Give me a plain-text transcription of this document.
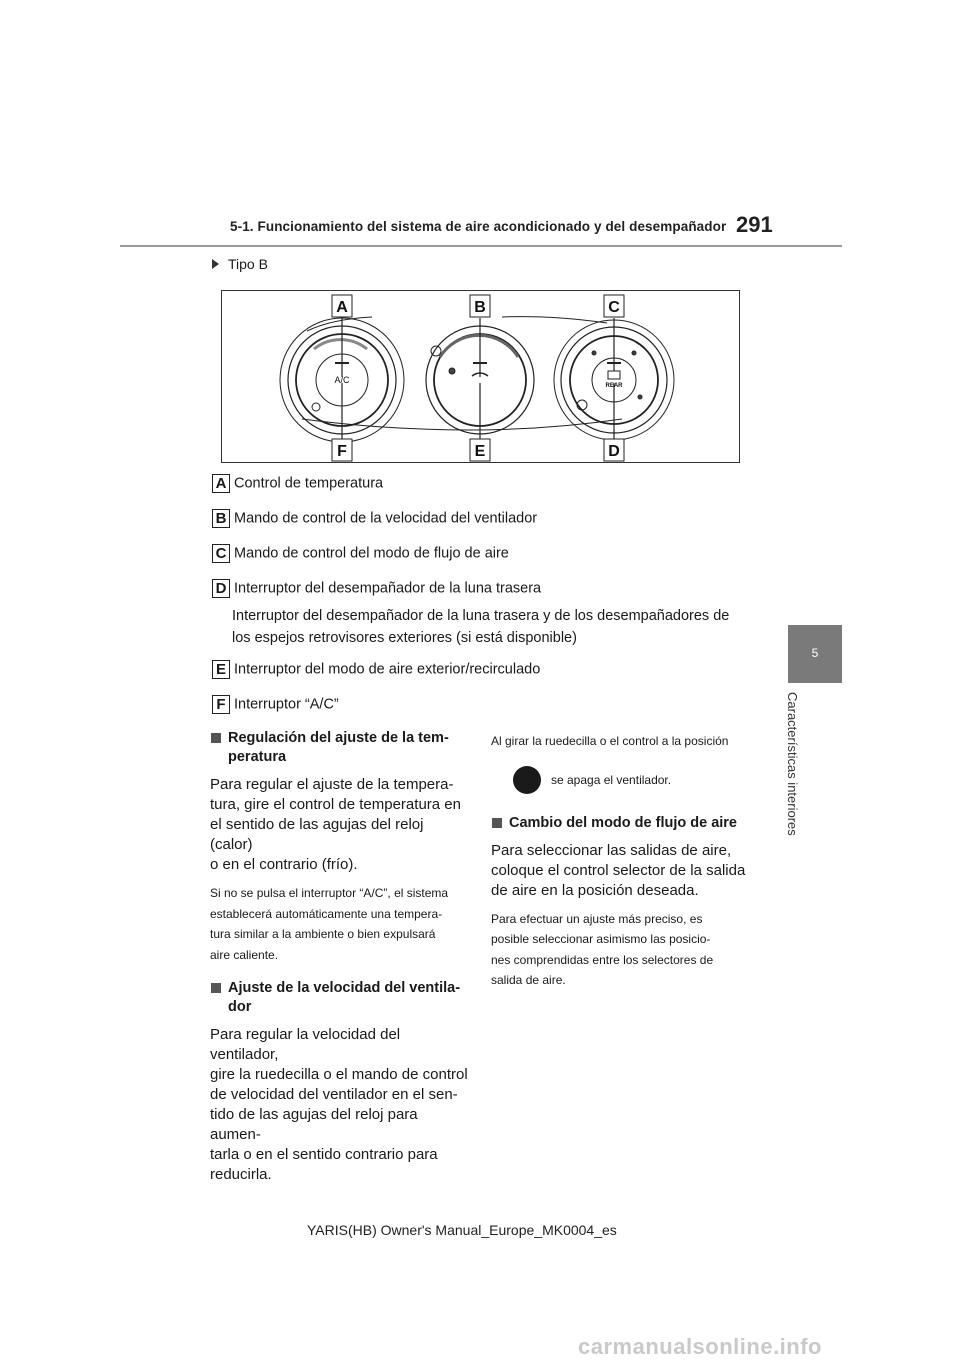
5-1. Funcionamiento del sistema de aire acondicionado y del desempañador 291
5
Características interiores
Tipo B
A	B	C
F	E	D
A/C
REAR
A Control de temperatura
B Mando de control de la velocidad del ventilador
C Mando de control del modo de flujo de aire
D Interruptor del desempañador de la luna trasera
Interruptor del desempañador de la luna trasera y de los desempañadores de
los espejos retrovisores exteriores (si está disponible)
E Interruptor del modo de aire exterior/recirculado
F Interruptor “A/C”
Regulación del ajuste de la tem-
peratura
Para regular el ajuste de la tempera-
tura, gire el control de temperatura en
el sentido de las agujas del reloj (calor)
o en el contrario (frío).
Si no se pulsa el interruptor “A/C”, el sistema
establecerá automáticamente una tempera-
tura similar a la ambiente o bien expulsará
aire caliente.
Ajuste de la velocidad del ventila-
dor
Para regular la velocidad del ventilador,
gire la ruedecilla o el mando de control
de velocidad del ventilador en el sen-
tido de las agujas del reloj para aumen-
tarla o en el sentido contrario para
reducirla.
Al girar la ruedecilla o el control a la posición
se apaga el ventilador.
Cambio del modo de flujo de aire
Para seleccionar las salidas de aire,
coloque el control selector de la salida
de aire en la posición deseada.
Para efectuar un ajuste más preciso, es
posible seleccionar asimismo las posicio-
nes comprendidas entre los selectores de
salida de aire.
YARIS(HB) Owner's Manual_Europe_MK0004_es
carmanualsonline.info
